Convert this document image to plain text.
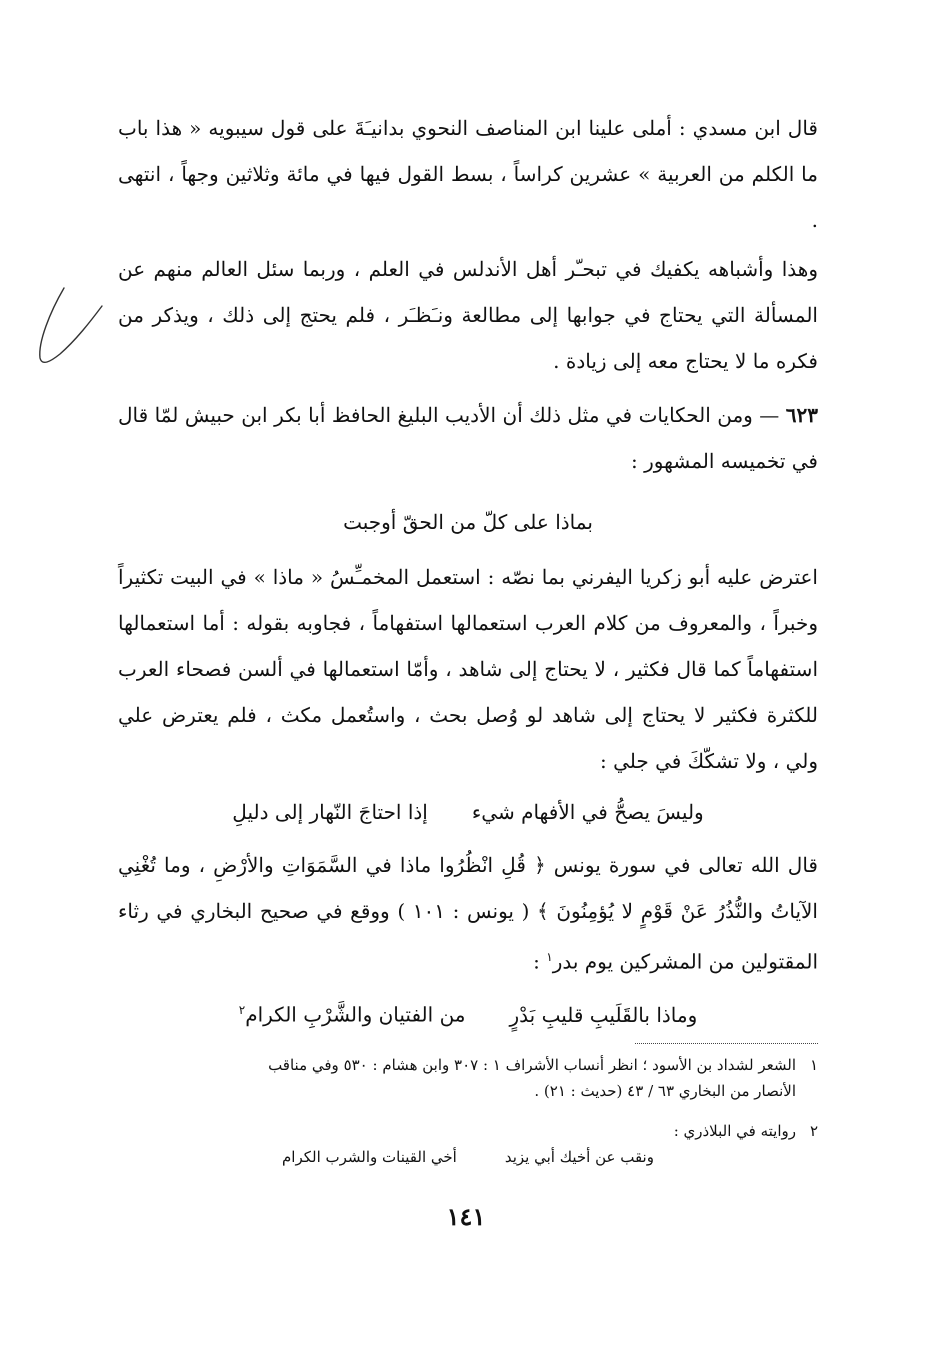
قال ابن مسدي : أملى علينا ابن المناصف النحوي بدانيـَةَ على قول سيبويه « هذا باب ما الكلم من العربية » عشرين كراساً ، بسط القول فيها في مائة وثلاثين وجهاً ، انتهى .

وهذا وأشباهه يكفيك في تبحـّر أهل الأندلس في العلم ، وربما سئل العالم منهم عن المسألة التي يحتاج في جوابها إلى مطالعة ونـَظـَر ، فلم يحتج إلى ذلك ، ويذكر من فكره ما لا يحتاج معه إلى زيادة .

٦٢٣ — ومن الحكايات في مثل ذلك أن الأديب البليغ الحافظ أبا بكر ابن حبيش لمّا قال في تخميسه المشهور :

بماذا على كلّ من الحقّ أوجبت

اعترض عليه أبو زكريا اليفرني بما نصّه : استعمل المخمـِّسُ « ماذا » في البيت تكثيراً وخبراً ، والمعروف من كلام العرب استعمالها استفهاماً ، فجاوبه بقوله : أما استعمالها استفهاماً كما قال فكثير ، لا يحتاج إلى شاهد ، وأمّا استعمالها في ألسن فصحاء العرب للكثرة فكثير لا يحتاج إلى شاهد لو وُصل بحث ، واستُعمل مكث ، فلم يعترض علي ولي ، ولا تشكّكَ في جلي :

وليسَ يصحُّ في الأفهام شيءإذا احتاجَ النّهار إلى دليلِ

قال الله تعالى في سورة يونس ﴿ قُلِ انْظُرُوا ماذا في السَّمَوَاتِ والأرْضِ ، وما تُغْنِي الآياتُ والنُّذُرُ عَنْ قَوْمٍ لا يُؤمِنُونَ ﴾ ( يونس : ١٠١ ) ووقع في صحيح البخاري في رثاء المقتولين من المشركين يوم بدر$^١$ :

وماذا بالقَلَيبِ قليبِ بَدْرٍمن الفتيان والشَّرْبِ الكرام$^٢$

١الشعر لشداد بن الأسود ؛ انظر أنساب الأشراف ١ : ٣٠٧ وابن هشام : ٥٣٠ وفي مناقب
الأنصار من البخاري ٦٣ / ٤٣ (حديث : ٢١) .
٢روايته في البلاذري :
ونقب عن أخيك أبي يزيدأخي القينات والشرب الكرام
١٤١
